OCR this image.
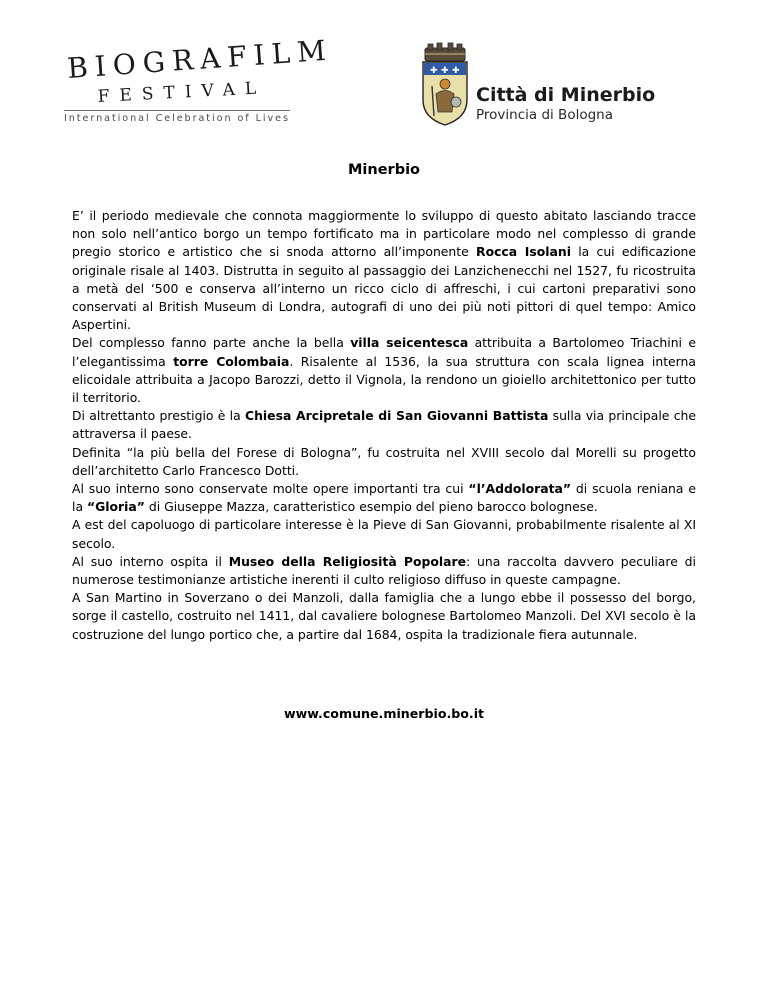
BIOGRAFILM
FESTIVAL
International Celebration of Lives
✚ ✚ ✚
Città di Minerbio
Provincia di Bologna
Minerbio

E’ il periodo medievale che connota maggiormente lo sviluppo di questo abitato lasciando tracce non solo nell’antico borgo un tempo fortificato ma in particolare modo nel complesso di grande pregio storico e artistico che si snoda attorno all’imponente Rocca Isolani la cui edificazione originale risale al 1403. Distrutta in seguito al passaggio dei Lanzichenecchi nel 1527, fu ricostruita a metà del ‘500 e conserva all’interno un ricco ciclo di affreschi, i cui cartoni preparativi sono conservati al British Museum di Londra, autografi di uno dei più noti pittori di quel tempo: Amico Aspertini.

Del complesso fanno parte anche la bella villa seicentesca attribuita a Bartolomeo Triachini e l’elegantissima torre Colombaia. Risalente al 1536, la sua struttura con scala lignea interna elicoidale attribuita a Jacopo Barozzi, detto il Vignola, la rendono un gioiello architettonico per tutto il territorio.

Di altrettanto prestigio è la Chiesa Arcipretale di San Giovanni Battista sulla via principale che attraversa il paese.

Definita “la più bella del Forese di Bologna”, fu costruita nel XVIII secolo dal Morelli su progetto dell’architetto Carlo Francesco Dotti.

Al suo interno sono conservate molte opere importanti tra cui “l’Addolorata” di scuola reniana e la “Gloria” di Giuseppe Mazza, caratteristico esempio del pieno barocco bolognese.

A est del capoluogo di particolare interesse è la Pieve di San Giovanni, probabilmente risalente al XI secolo.

Al suo interno ospita il Museo della Religiosità Popolare: una raccolta davvero peculiare di numerose testimonianze artistiche inerenti il culto religioso diffuso in queste campagne.

A San Martino in Soverzano o dei Manzoli, dalla famiglia che a lungo ebbe il possesso del borgo, sorge il castello, costruito nel 1411, dal cavaliere bolognese Bartolomeo Manzoli. Del XVI secolo è la costruzione del lungo portico che, a partire dal 1684, ospita la tradizionale fiera autunnale.

www.comune.minerbio.bo.it
